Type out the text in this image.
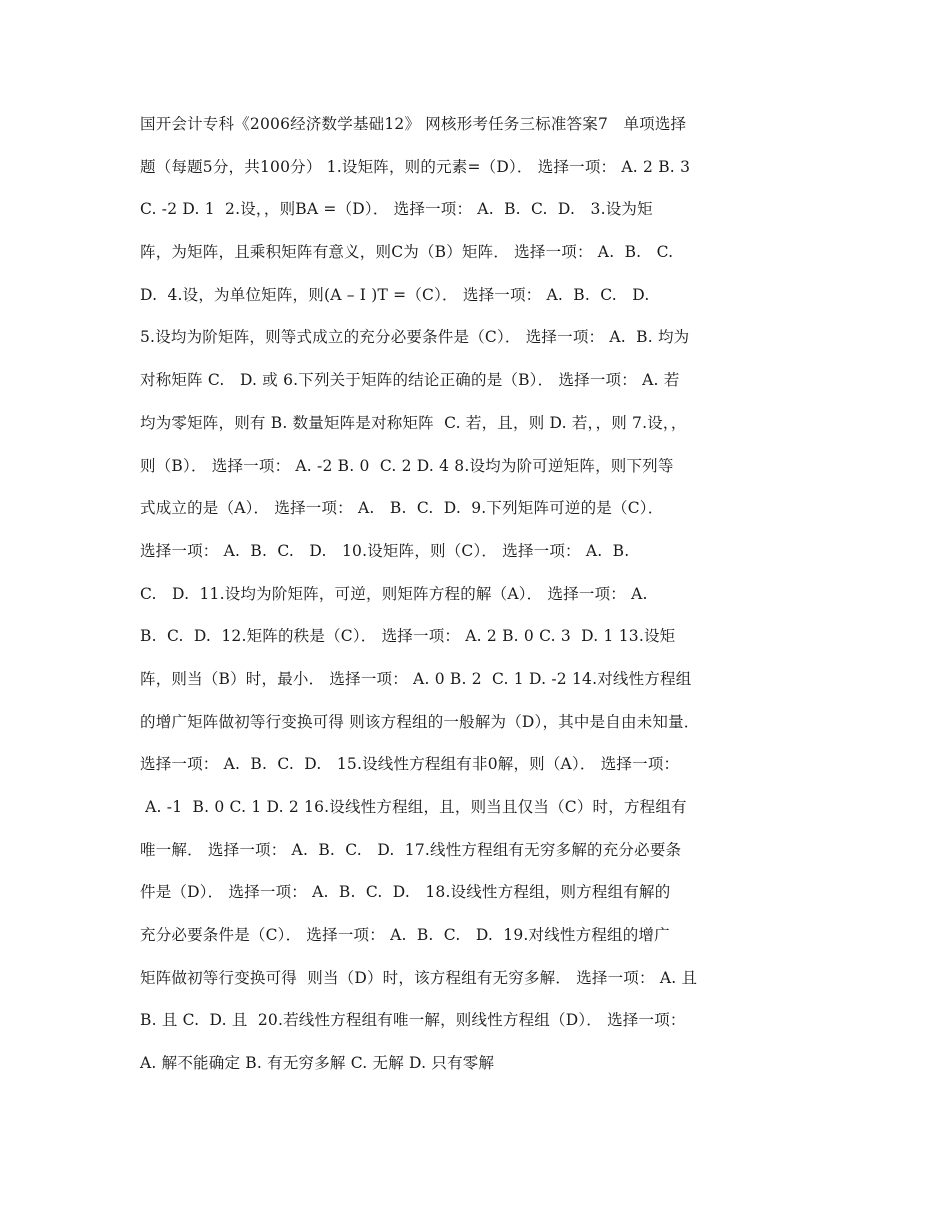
国开会计专科《2006经济数学基础12》 网核形考任务三标准答案7   单项选择
题（每题5分，共100分） 1.设矩阵，则的元素=（D）． 选择一项： A. 2 B. 3
C. -2 D. 1  2.设，，则BA =（D）． 选择一项： A.  B.  C.  D.   3.设为矩
阵，为矩阵，且乘积矩阵有意义，则C为（B）矩阵． 选择一项： A.  B.   C.
D.  4.设，为单位矩阵，则(A – I )T =（C）． 选择一项： A.  B.  C.   D.
5.设均为阶矩阵，则等式成立的充分必要条件是（C）． 选择一项： A.  B. 均为
对称矩阵 C.   D. 或 6.下列关于矩阵的结论正确的是（B）． 选择一项： A. 若
均为零矩阵，则有 B. 数量矩阵是对称矩阵  C. 若，且，则 D. 若，，则 7.设，，
则（B）． 选择一项： A. -2 B. 0  C. 2 D. 4 8.设均为阶可逆矩阵，则下列等
式成立的是（A）． 选择一项： A.   B.  C.  D.  9.下列矩阵可逆的是（C）．
选择一项： A.  B.  C.   D.   10.设矩阵，则（C）． 选择一项： A.  B.
C.   D.  11.设均为阶矩阵，可逆，则矩阵方程的解（A）． 选择一项： A.
B.  C.  D.  12.矩阵的秩是（C）． 选择一项： A. 2 B. 0 C. 3  D. 1 13.设矩
阵，则当（B）时，最小． 选择一项： A. 0 B. 2  C. 1 D. -2 14.对线性方程组
的增广矩阵做初等行变换可得 则该方程组的一般解为（D），其中是自由未知量．
选择一项： A.  B.  C.  D.   15.设线性方程组有非0解，则（A）． 选择一项：
A. -1  B. 0 C. 1 D. 2 16.设线性方程组，且，则当且仅当（C）时，方程组有
唯一解． 选择一项： A.  B.  C.   D.  17.线性方程组有无穷多解的充分必要条
件是（D）． 选择一项： A.  B.  C.  D.   18.设线性方程组，则方程组有解的
充分必要条件是（C）． 选择一项： A.  B.  C.   D.  19.对线性方程组的增广
矩阵做初等行变换可得  则当（D）时，该方程组有无穷多解． 选择一项： A. 且
B. 且 C.  D. 且  20.若线性方程组有唯一解，则线性方程组（D）． 选择一项：
A. 解不能确定 B. 有无穷多解 C. 无解 D. 只有零解
